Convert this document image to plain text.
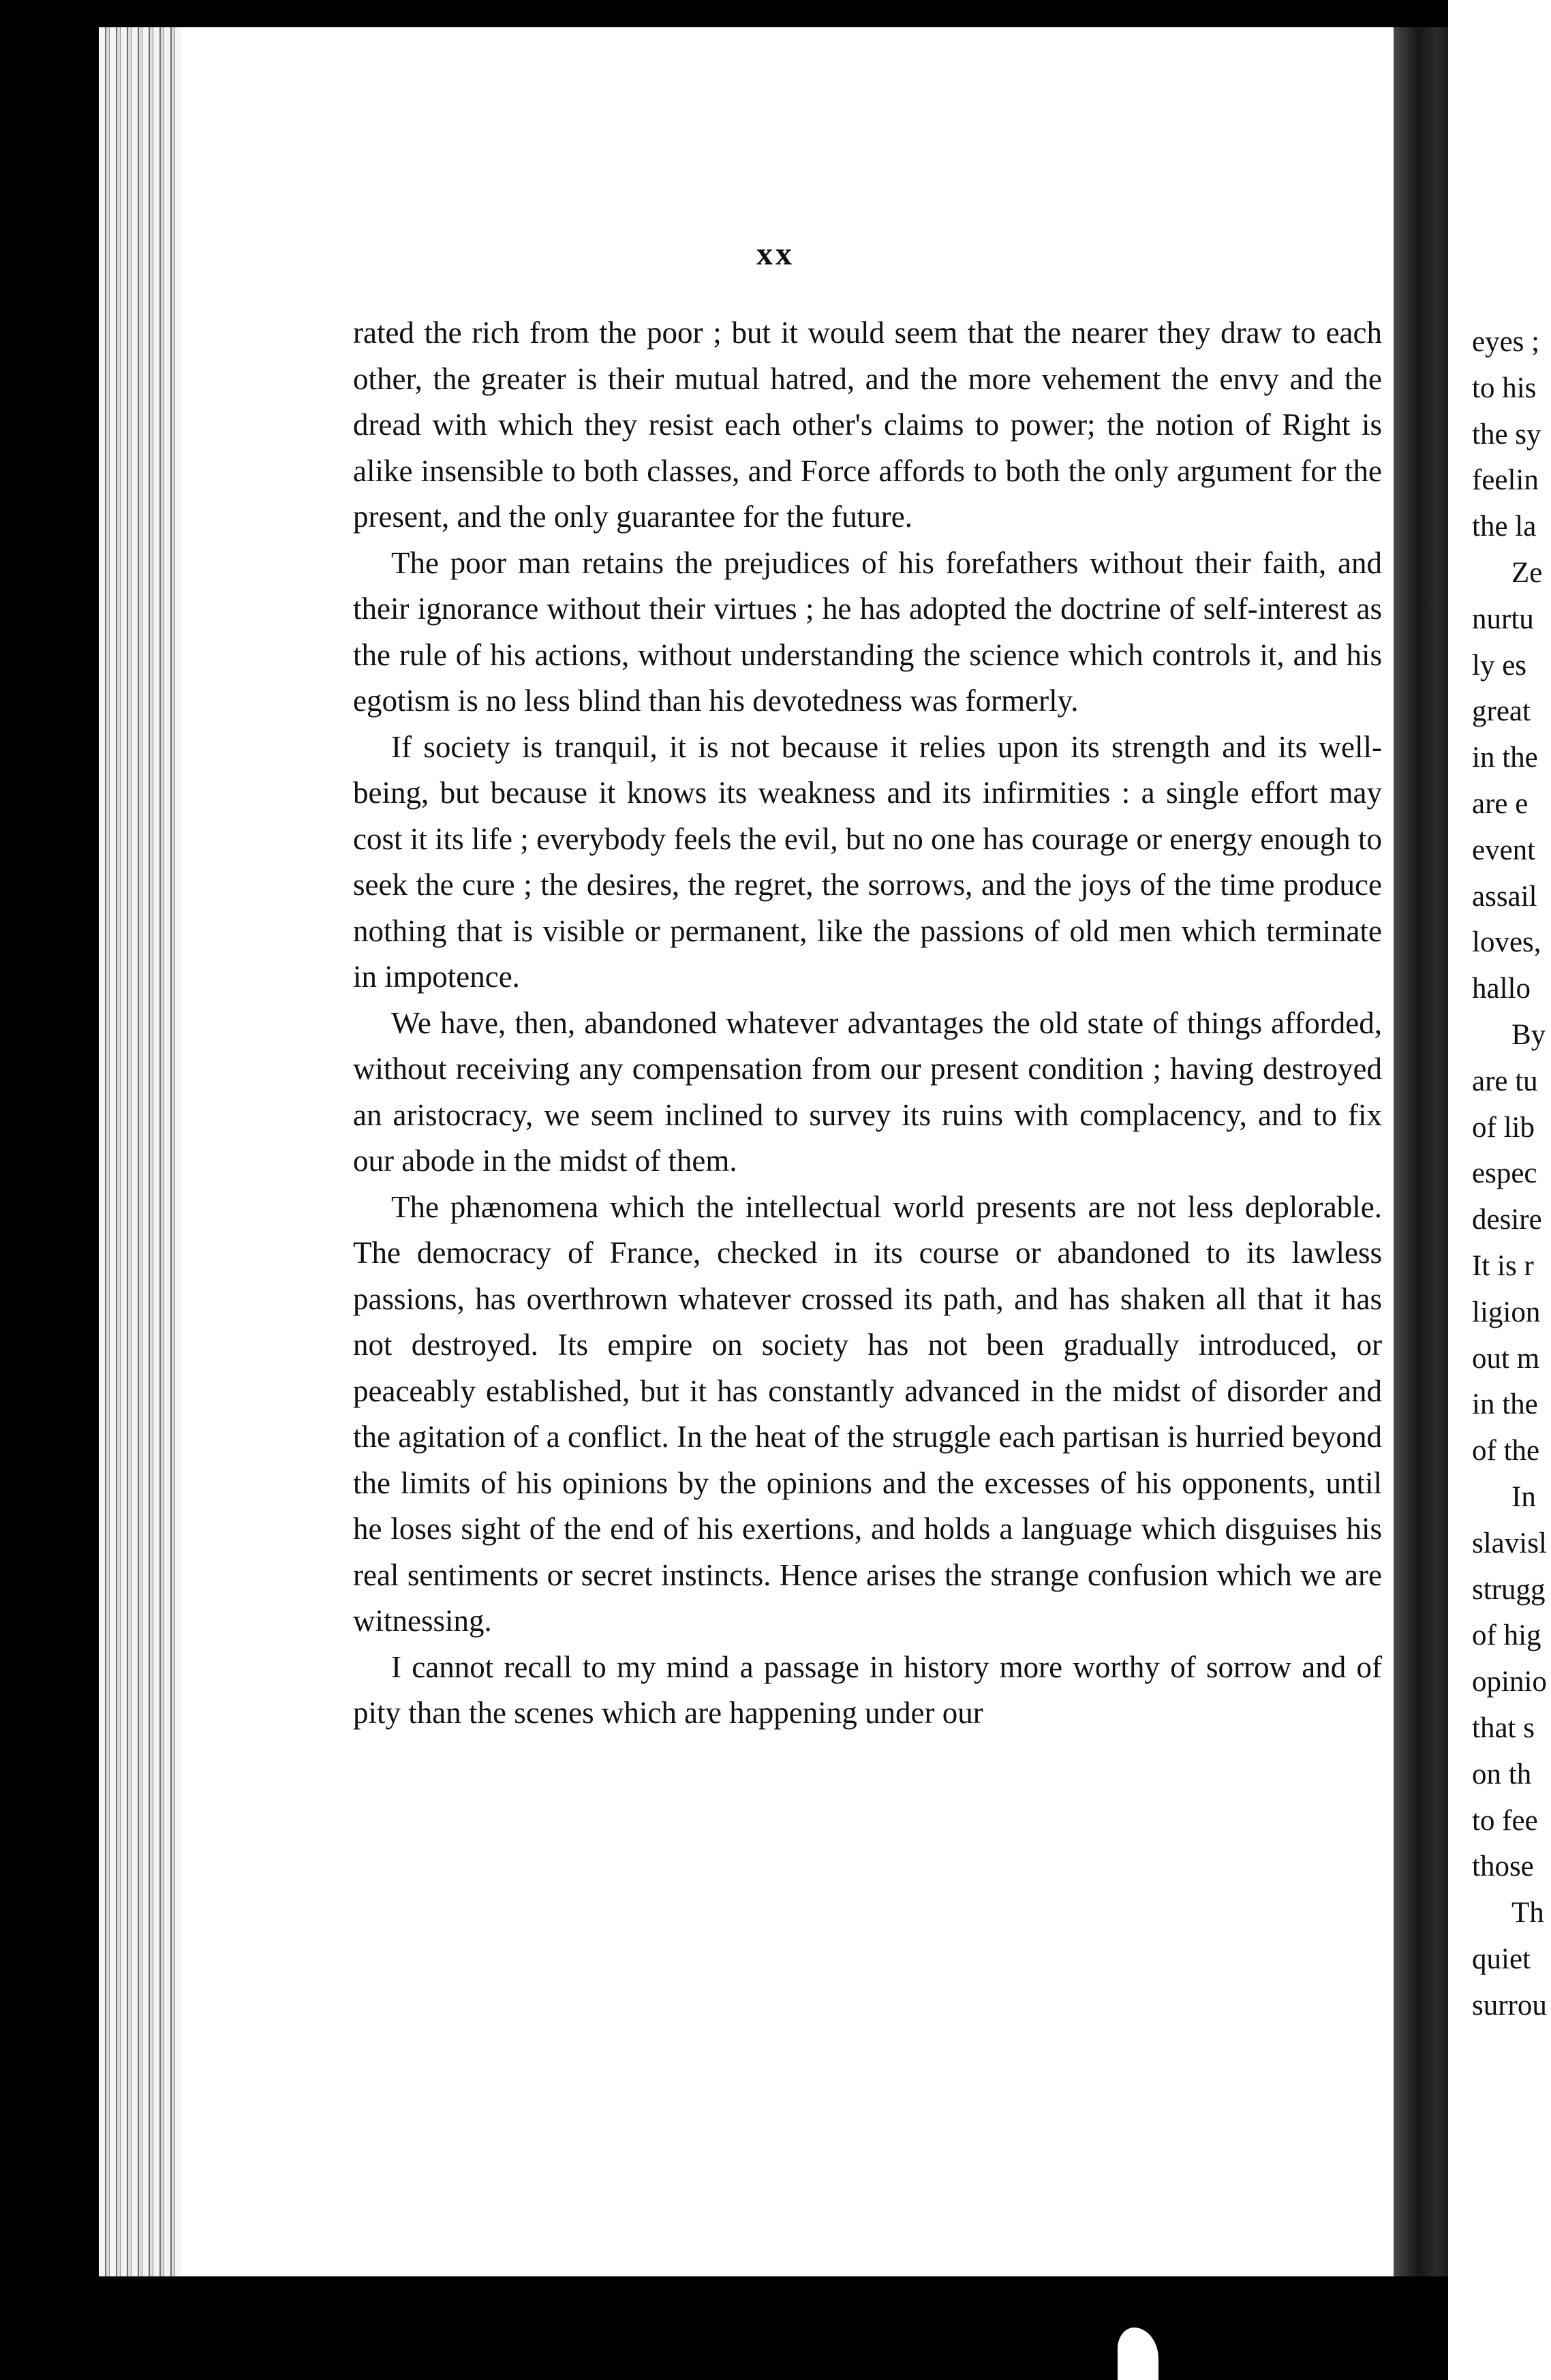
eyes ;
to his
the sy
feelin
the la
Ze
nurtu
ly es
great
in the
are e
event
assail
loves,
hallo
By
are tu
of lib
espec
desire
It is r
ligion
out m
in the
of the
In
slavisl
strugg
of hig
opinio
that s
on th
to fee
those
Th
quiet
surrou
xx

rated the rich from the poor ; but it would seem that the nearer they draw to each other, the greater is their mutual hatred, and the more vehement the envy and the dread with which they resist each other's claims to power; the notion of Right is alike insensible to both classes, and Force affords to both the only argument for the present, and the only guarantee for the future.

The poor man retains the prejudices of his forefathers without their faith, and their ignorance without their virtues ; he has adopted the doctrine of self-interest as the rule of his actions, without understanding the science which controls it, and his egotism is no less blind than his devotedness was formerly.

If society is tranquil, it is not because it relies upon its strength and its well-being, but because it knows its weakness and its infirmities : a single effort may cost it its life ; everybody feels the evil, but no one has courage or energy enough to seek the cure ; the desires, the regret, the sorrows, and the joys of the time produce nothing that is visible or permanent, like the passions of old men which terminate in impotence.

We have, then, abandoned whatever advantages the old state of things afforded, without receiving any compensation from our present condition ; having destroyed an aristocracy, we seem inclined to survey its ruins with complacency, and to fix our abode in the midst of them.

The phænomena which the intellectual world presents are not less deplorable. The democracy of France, checked in its course or abandoned to its lawless passions, has overthrown whatever crossed its path, and has shaken all that it has not destroyed. Its empire on society has not been gradually introduced, or peaceably established, but it has constantly advanced in the midst of disorder and the agitation of a conflict. In the heat of the struggle each partisan is hurried beyond the limits of his opinions by the opinions and the excesses of his opponents, until he loses sight of the end of his exertions, and holds a language which disguises his real sentiments or secret instincts. Hence arises the strange confusion which we are witnessing.

I cannot recall to my mind a passage in history more worthy of sorrow and of pity than the scenes which are happening under our
